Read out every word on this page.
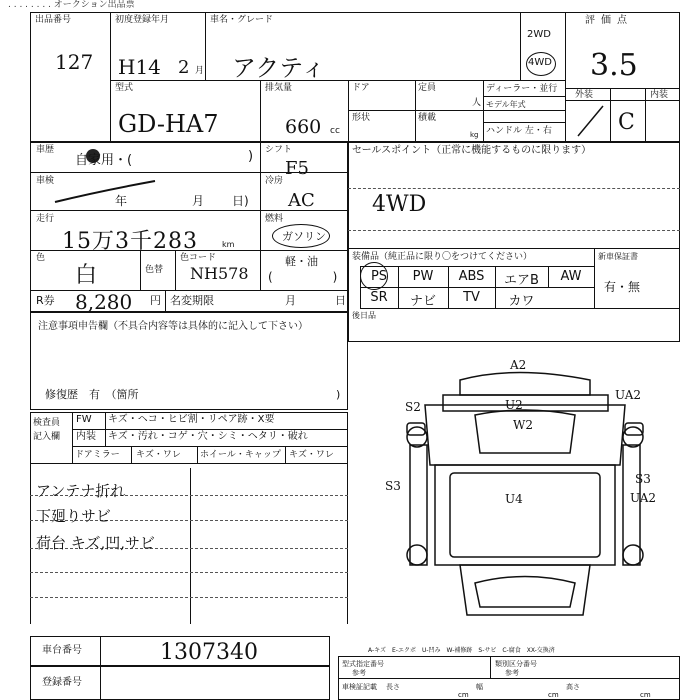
. . . . . . . . オークション出品票
出品番号
127
初度登録年月
H14 2 月
車名・グレード
アクティ
2WD
4WD
評価点
3.5
型式
GD-HA7
排気量
660 cc
ドア	定員
人
形状	積載
kg
ディーラー・並行
モデル年式
ハンドル 左・右
外装	内装
C
車歴
自家用・(	) シフト
F5
車検
年	月 日)
冷房
AC
走行
15万3千283	km
燃料
ガソリン
軽・油
(　　　　　)
色
白	色替
色コード
NH578
R券 8,280 円 名変期限	月	日
セールスポイント（正常に機能するものに限ります）
4WD
装備品（純正品に限り〇をつけてください）	新車保証書
有・無
PS	PW	ABS	エアB	AW
SR	ナビ	TV	カワ
後日品
注意事項申告欄（不具合内容等は具体的に記入して下さい）
修復歴　有　（箇所	)
検査員
記入欄
FW キズ・ヘコ・ヒビ割・リペア跡・X要
内装 キズ・汚れ・コゲ・穴・シミ・ヘタリ・破れ
ドアミラー キズ・ワレ ホイール・キャップ キズ・ワレ
アンテナ折れ
下廻りサビ
荷台 キズ,凹,サビ
A2
S2	U2
W2
UA2
S3
U4
S3
UA2
車台番号	1307340
登録番号
A-キズ　E-エクボ　U-凹み　W-補修跡　S-サビ　C-腐食　XX-交換済
型式指定番号
参考
類別区分番号
参考
車検証記載 長さ
cm
幅
cm
高さ
cm
